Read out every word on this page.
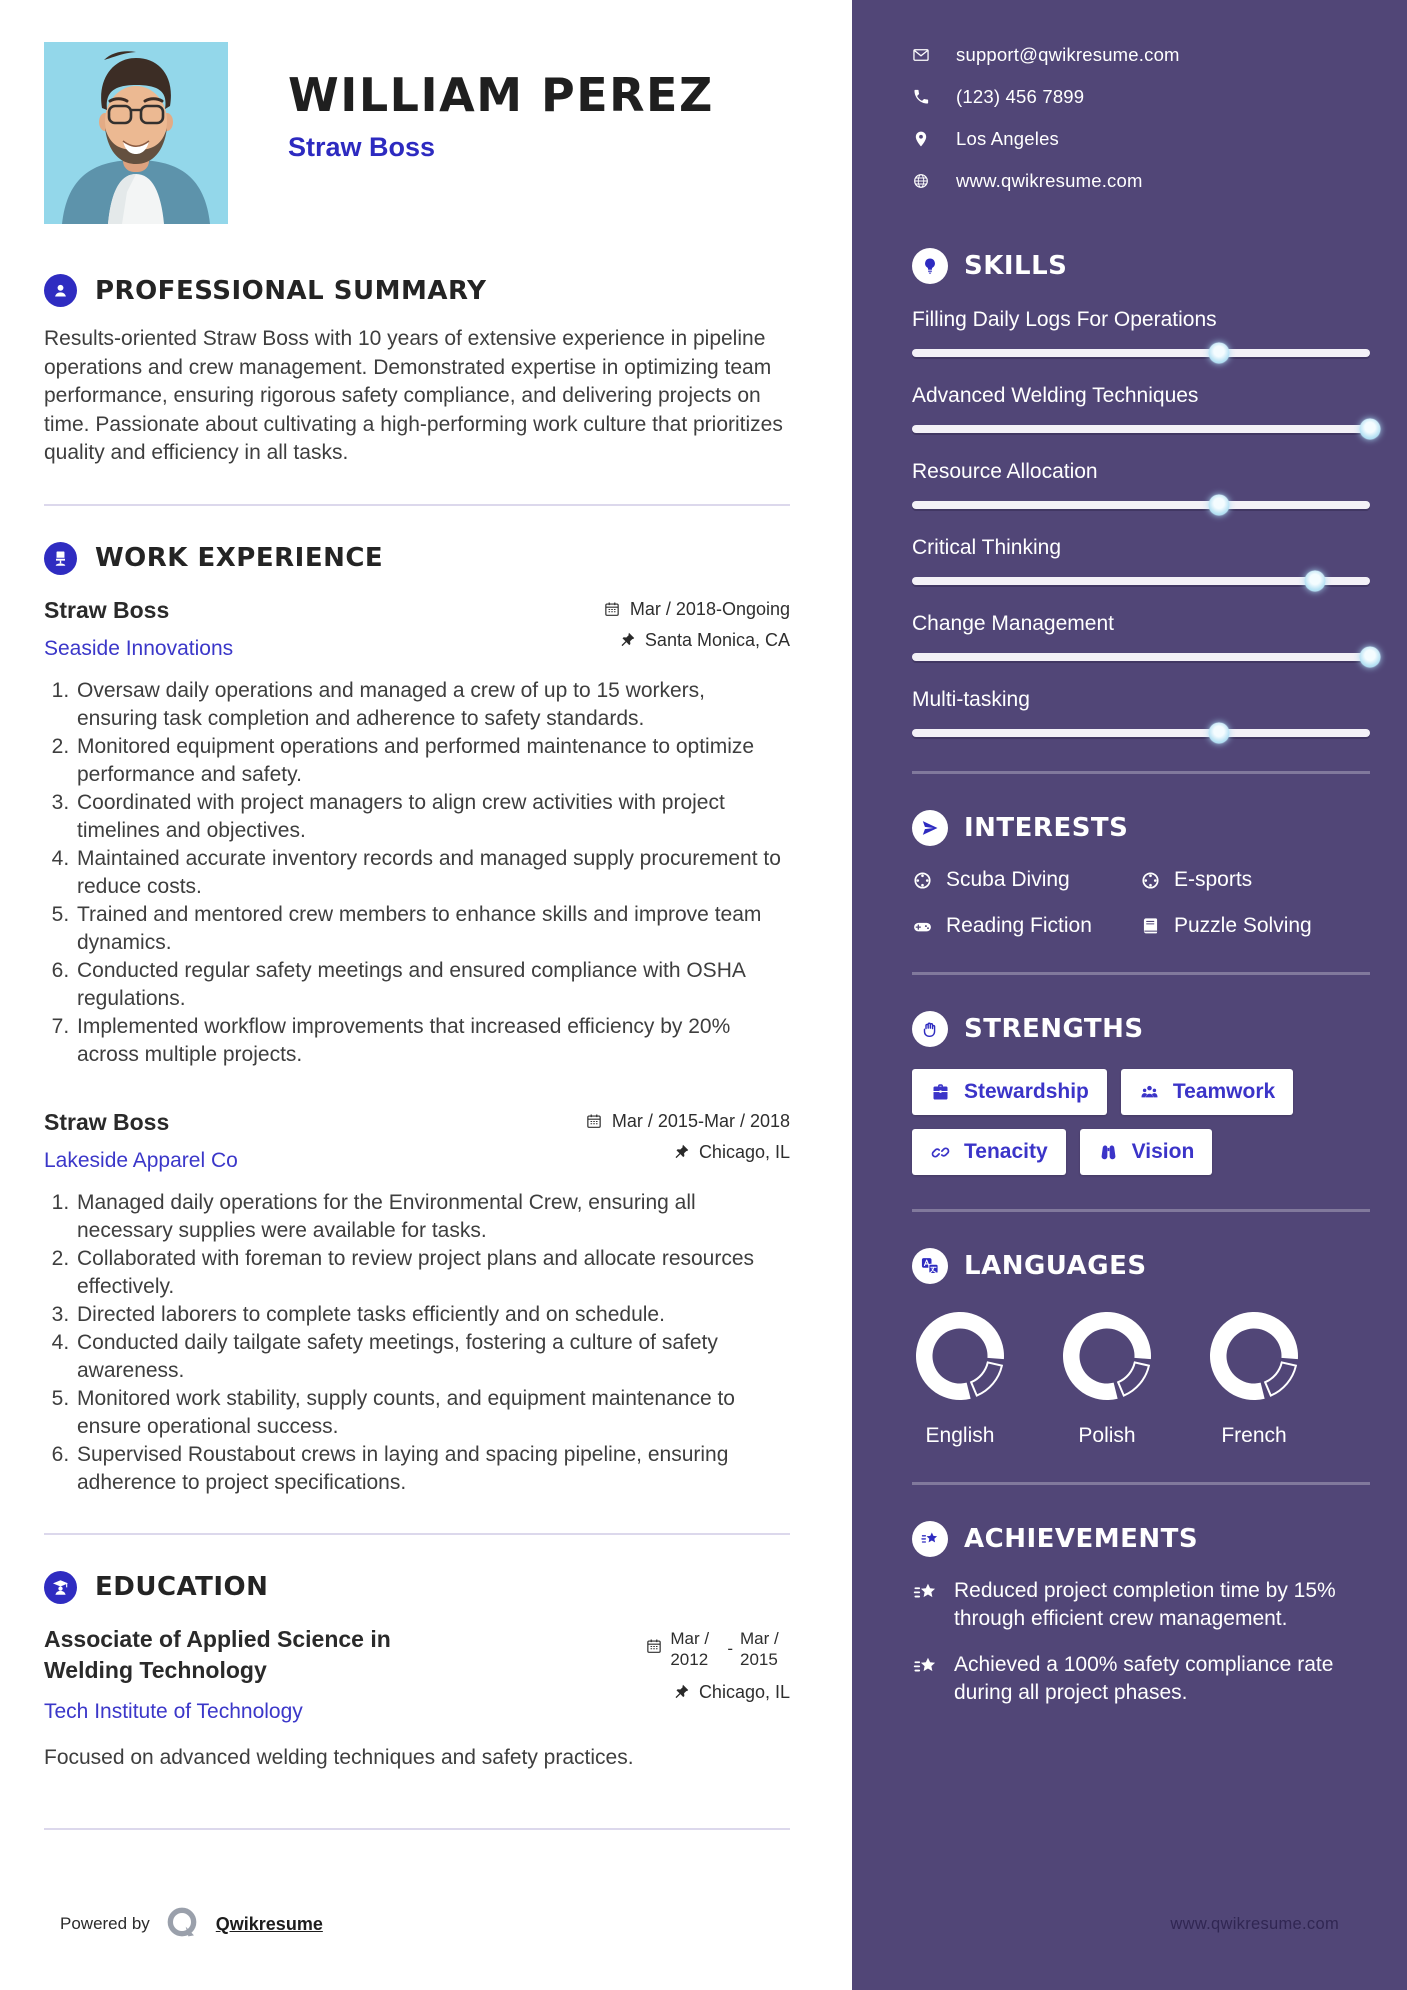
WILLIAM PEREZ
Straw Boss
PROFESSIONAL SUMMARY

Results-oriented Straw Boss with 10 years of extensive experience in pipeline operations and crew management. Demonstrated expertise in optimizing team performance, ensuring rigorous safety compliance, and delivering projects on time. Passionate about cultivating a high-performing work culture that prioritizes quality and efficiency in all tasks.

WORK EXPERIENCE
Straw Boss
Seaside Innovations
Mar / 2018-Ongoing
Santa Monica, CA
1. Oversaw daily operations and managed a crew of up to 15 workers, ensuring task completion and adherence to safety standards.
2. Monitored equipment operations and performed maintenance to optimize performance and safety.
3. Coordinated with project managers to align crew activities with project timelines and objectives.
4. Maintained accurate inventory records and managed supply procurement to reduce costs.
5. Trained and mentored crew members to enhance skills and improve team dynamics.
6. Conducted regular safety meetings and ensured compliance with OSHA regulations.
7. Implemented workflow improvements that increased efficiency by 20% across multiple projects.
Straw Boss
Lakeside Apparel Co
Mar / 2015-Mar / 2018
Chicago, IL
1. Managed daily operations for the Environmental Crew, ensuring all necessary supplies were available for tasks.
2. Collaborated with foreman to review project plans and allocate resources effectively.
3. Directed laborers to complete tasks efficiently and on schedule.
4. Conducted daily tailgate safety meetings, fostering a culture of safety awareness.
5. Monitored work stability, supply counts, and equipment maintenance to ensure operational success.
6. Supervised Roustabout crews in laying and spacing pipeline, ensuring adherence to project specifications.
EDUCATION
Associate of Applied Science in Welding Technology
Tech Institute of Technology
Mar / 2012
-
Mar / 2015
Chicago, IL

Focused on advanced welding techniques and safety practices.

Powered by	Qwikresume
support@qwikresume.com
(123) 456 7899
Los Angeles
www.qwikresume.com
SKILLS
Filling Daily Logs For Operations
Advanced Welding Techniques
Resource Allocation
Critical Thinking
Change Management
Multi-tasking
INTERESTS
Scuba Diving	E-sports
Reading Fiction	Puzzle Solving
STRENGTHS
Stewardship	Teamwork
Tenacity	Vision
LANGUAGES
English	Polish	French
ACHIEVEMENTS
Reduced project completion time by 15% through efficient crew management.
Achieved a 100% safety compliance rate during all project phases.
www.qwikresume.com
